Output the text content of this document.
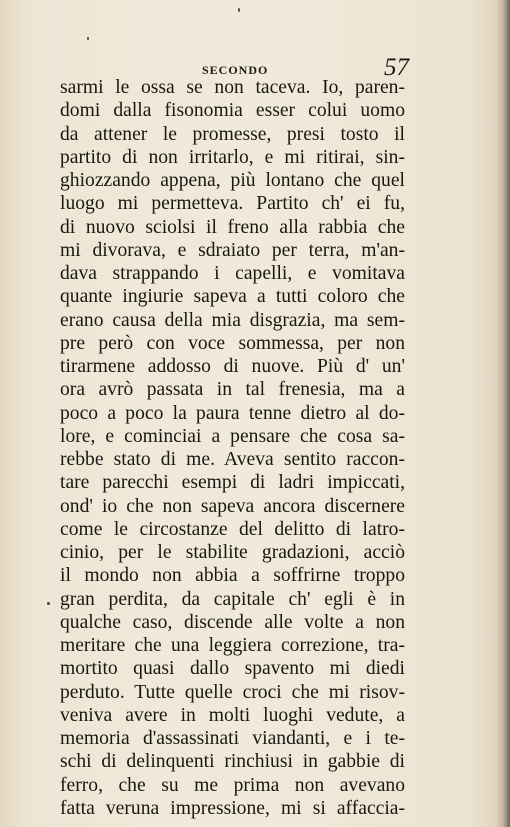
SECONDO	57
sarmi le ossa se non taceva. Io, paren-
domi dalla fisonomia esser colui uomo
da attener le promesse, presi tosto il
partito di non irritarlo, e mi ritirai, sin-
ghiozzando appena, più lontano che quel
luogo mi permetteva. Partito ch' ei fu,
di nuovo sciolsi il freno alla rabbia che
mi divorava, e sdraiato per terra, m'an-
dava strappando i capelli, e vomitava
quante ingiurie sapeva a tutti coloro che
erano causa della mia disgrazia, ma sem-
pre però con voce sommessa, per non
tirarmene addosso di nuove. Più d' un'
ora avrò passata in tal frenesia, ma a
poco a poco la paura tenne dietro al do-
lore, e cominciai a pensare che cosa sa-
rebbe stato di me. Aveva sentito raccon-
tare parecchi esempi di ladri impiccati,
ond' io che non sapeva ancora discernere
come le circostanze del delitto di latro-
cinio, per le stabilite gradazioni, acciò
il mondo non abbia a soffrirne troppo
gran perdita, da capitale ch' egli è in
qualche caso, discende alle volte a non
meritare che una leggiera correzione, tra-
mortito quasi dallo spavento mi diedi
perduto. Tutte quelle croci che mi risov-
veniva avere in molti luoghi vedute, a
memoria d'assassinati viandanti, e i te-
schi di delinquenti rinchiusi in gabbie di
ferro, che su me prima non avevano
fatta veruna impressione, mi si affaccia-
